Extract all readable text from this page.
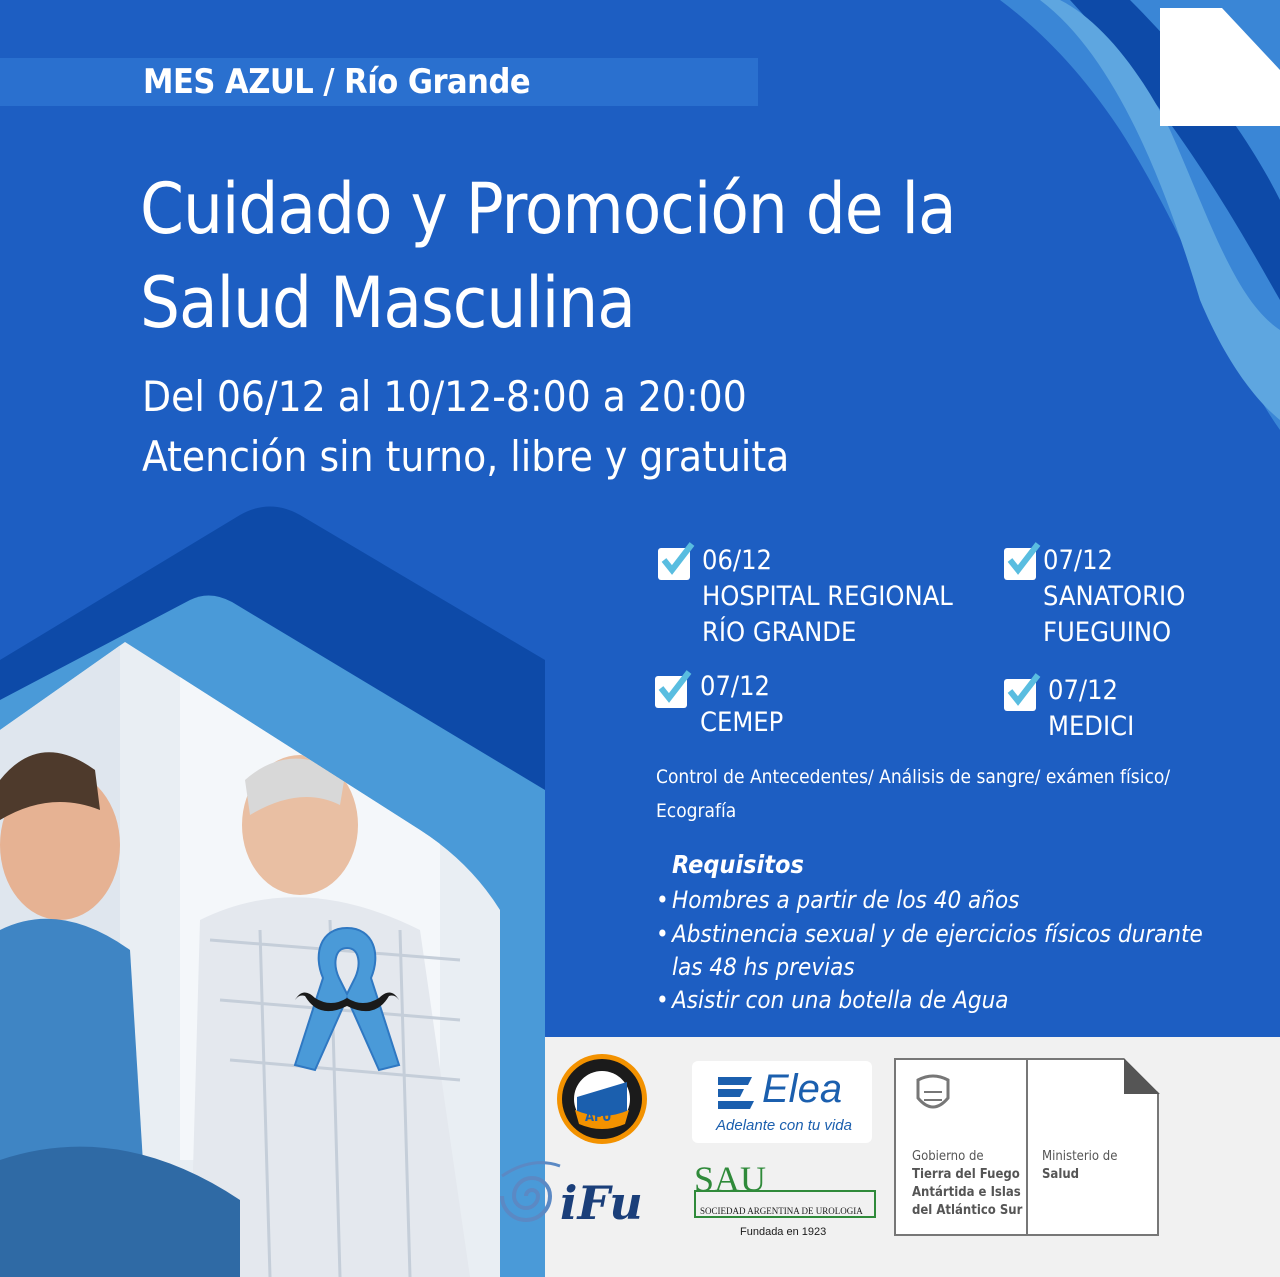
MES AZUL / Río Grande
Cuidado y Promoción de la
Salud Masculina
Del 06/12 al 10/12-8:00 a 20:00
Atención sin turno, libre y gratuita
06/12
HOSPITAL REGIONAL
RÍO GRANDE
07/12
SANATORIO
FUEGUINO
07/12
CEMEP
07/12
MEDICI
Control de Antecedentes/ Análisis de sangre/ exámen físico/
Ecografía
Requisitos
• Hombres a partir de los 40 años
• Abstinencia sexual y de ejercicios físicos durante
las 48 hs previas
• Asistir con una botella de Agua
AFU
Elea
Adelante con tu vida
iFu SAU
SOCIEDAD ARGENTINA DE UROLOGIA
Fundada en 1923
Gobierno de
Tierra del Fuego
Antártida e Islas
del Atlántico Sur
Ministerio de
Salud
